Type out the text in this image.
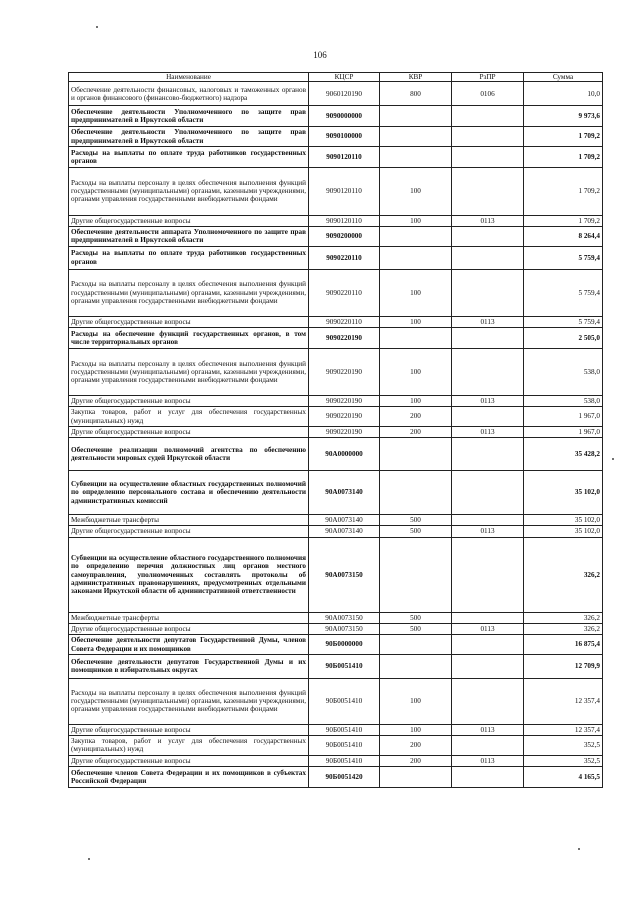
106
Наименование	КЦСР	КВР	РзПР	Сумма
Обеспечение деятельности финансовых, налоговых и таможенных органов и органов финансового (финансово-бюджетного) надзора	9060120190	800	0106	10,0
Обеспечение деятельности Уполномоченного по защите прав предпринимателей в Иркутской области	9090000000			9 973,6
Обеспечение деятельности Уполномоченного по защите прав предпринимателей в Иркутской области	9090100000			1 709,2
Расходы на выплаты по оплате труда работников государственных органов	9090120110			1 709,2
Расходы на выплаты персоналу в целях обеспечения выполнения функций государственными (муниципальными) органами, казенными учреждениями, органами управления государственными внебюджетными фондами	9090120110	100		1 709,2
Другие общегосударственные вопросы	9090120110	100	0113	1 709,2
Обеспечение деятельности аппарата Уполномоченного по защите прав предпринимателей в Иркутской области	9090200000			8 264,4
Расходы на выплаты по оплате труда работников государственных органов	9090220110			5 759,4
Расходы на выплаты персоналу в целях обеспечения выполнения функций государственными (муниципальными) органами, казенными учреждениями, органами управления государственными внебюджетными фондами	9090220110	100		5 759,4
Другие общегосударственные вопросы	9090220110	100	0113	5 759,4
Расходы на обеспечение функций государственных органов, в том числе территориальных органов	9090220190			2 505,0
Расходы на выплаты персоналу в целях обеспечения выполнения функций государственными (муниципальными) органами, казенными учреждениями, органами управления государственными внебюджетными фондами	9090220190	100		538,0
Другие общегосударственные вопросы	9090220190	100	0113	538,0
Закупка товаров, работ и услуг для обеспечения государственных (муниципальных) нужд	9090220190	200		1 967,0
Другие общегосударственные вопросы	9090220190	200	0113	1 967,0
Обеспечение реализации полномочий агентства по обеспечению деятельности мировых судей Иркутской области	90А0000000			35 428,2
Субвенции на осуществление областных государственных полномочий по определению персонального состава и обеспечению деятельности административных комиссий	90А0073140			35 102,0
Межбюджетные трансферты	90А0073140	500		35 102,0
Другие общегосударственные вопросы	90А0073140	500	0113	35 102,0
Субвенции на осуществление областного государственного полномочия по определению перечня должностных лиц органов местного самоуправления, уполномоченных составлять протоколы об административных правонарушениях, предусмотренных отдельными законами Иркутской области об административной ответственности	90А0073150			326,2
Межбюджетные трансферты	90А0073150	500		326,2
Другие общегосударственные вопросы	90А0073150	500	0113	326,2
Обеспечение деятельности депутатов Государственной Думы, членов Совета Федерации и их помощников	90Б0000000			16 875,4
Обеспечение деятельности депутатов Государственной Думы и их помощников в избирательных округах	90Б0051410			12 709,9
Расходы на выплаты персоналу в целях обеспечения выполнения функций государственными (муниципальными) органами, казенными учреждениями, органами управления государственными внебюджетными фондами	90Б0051410	100		12 357,4
Другие общегосударственные вопросы	90Б0051410	100	0113	12 357,4
Закупка товаров, работ и услуг для обеспечения государственных (муниципальных) нужд	90Б0051410	200		352,5
Другие общегосударственные вопросы	90Б0051410	200	0113	352,5
Обеспечение членов Совета Федерации и их помощников в субъектах Российской Федерации	90Б0051420			4 165,5
